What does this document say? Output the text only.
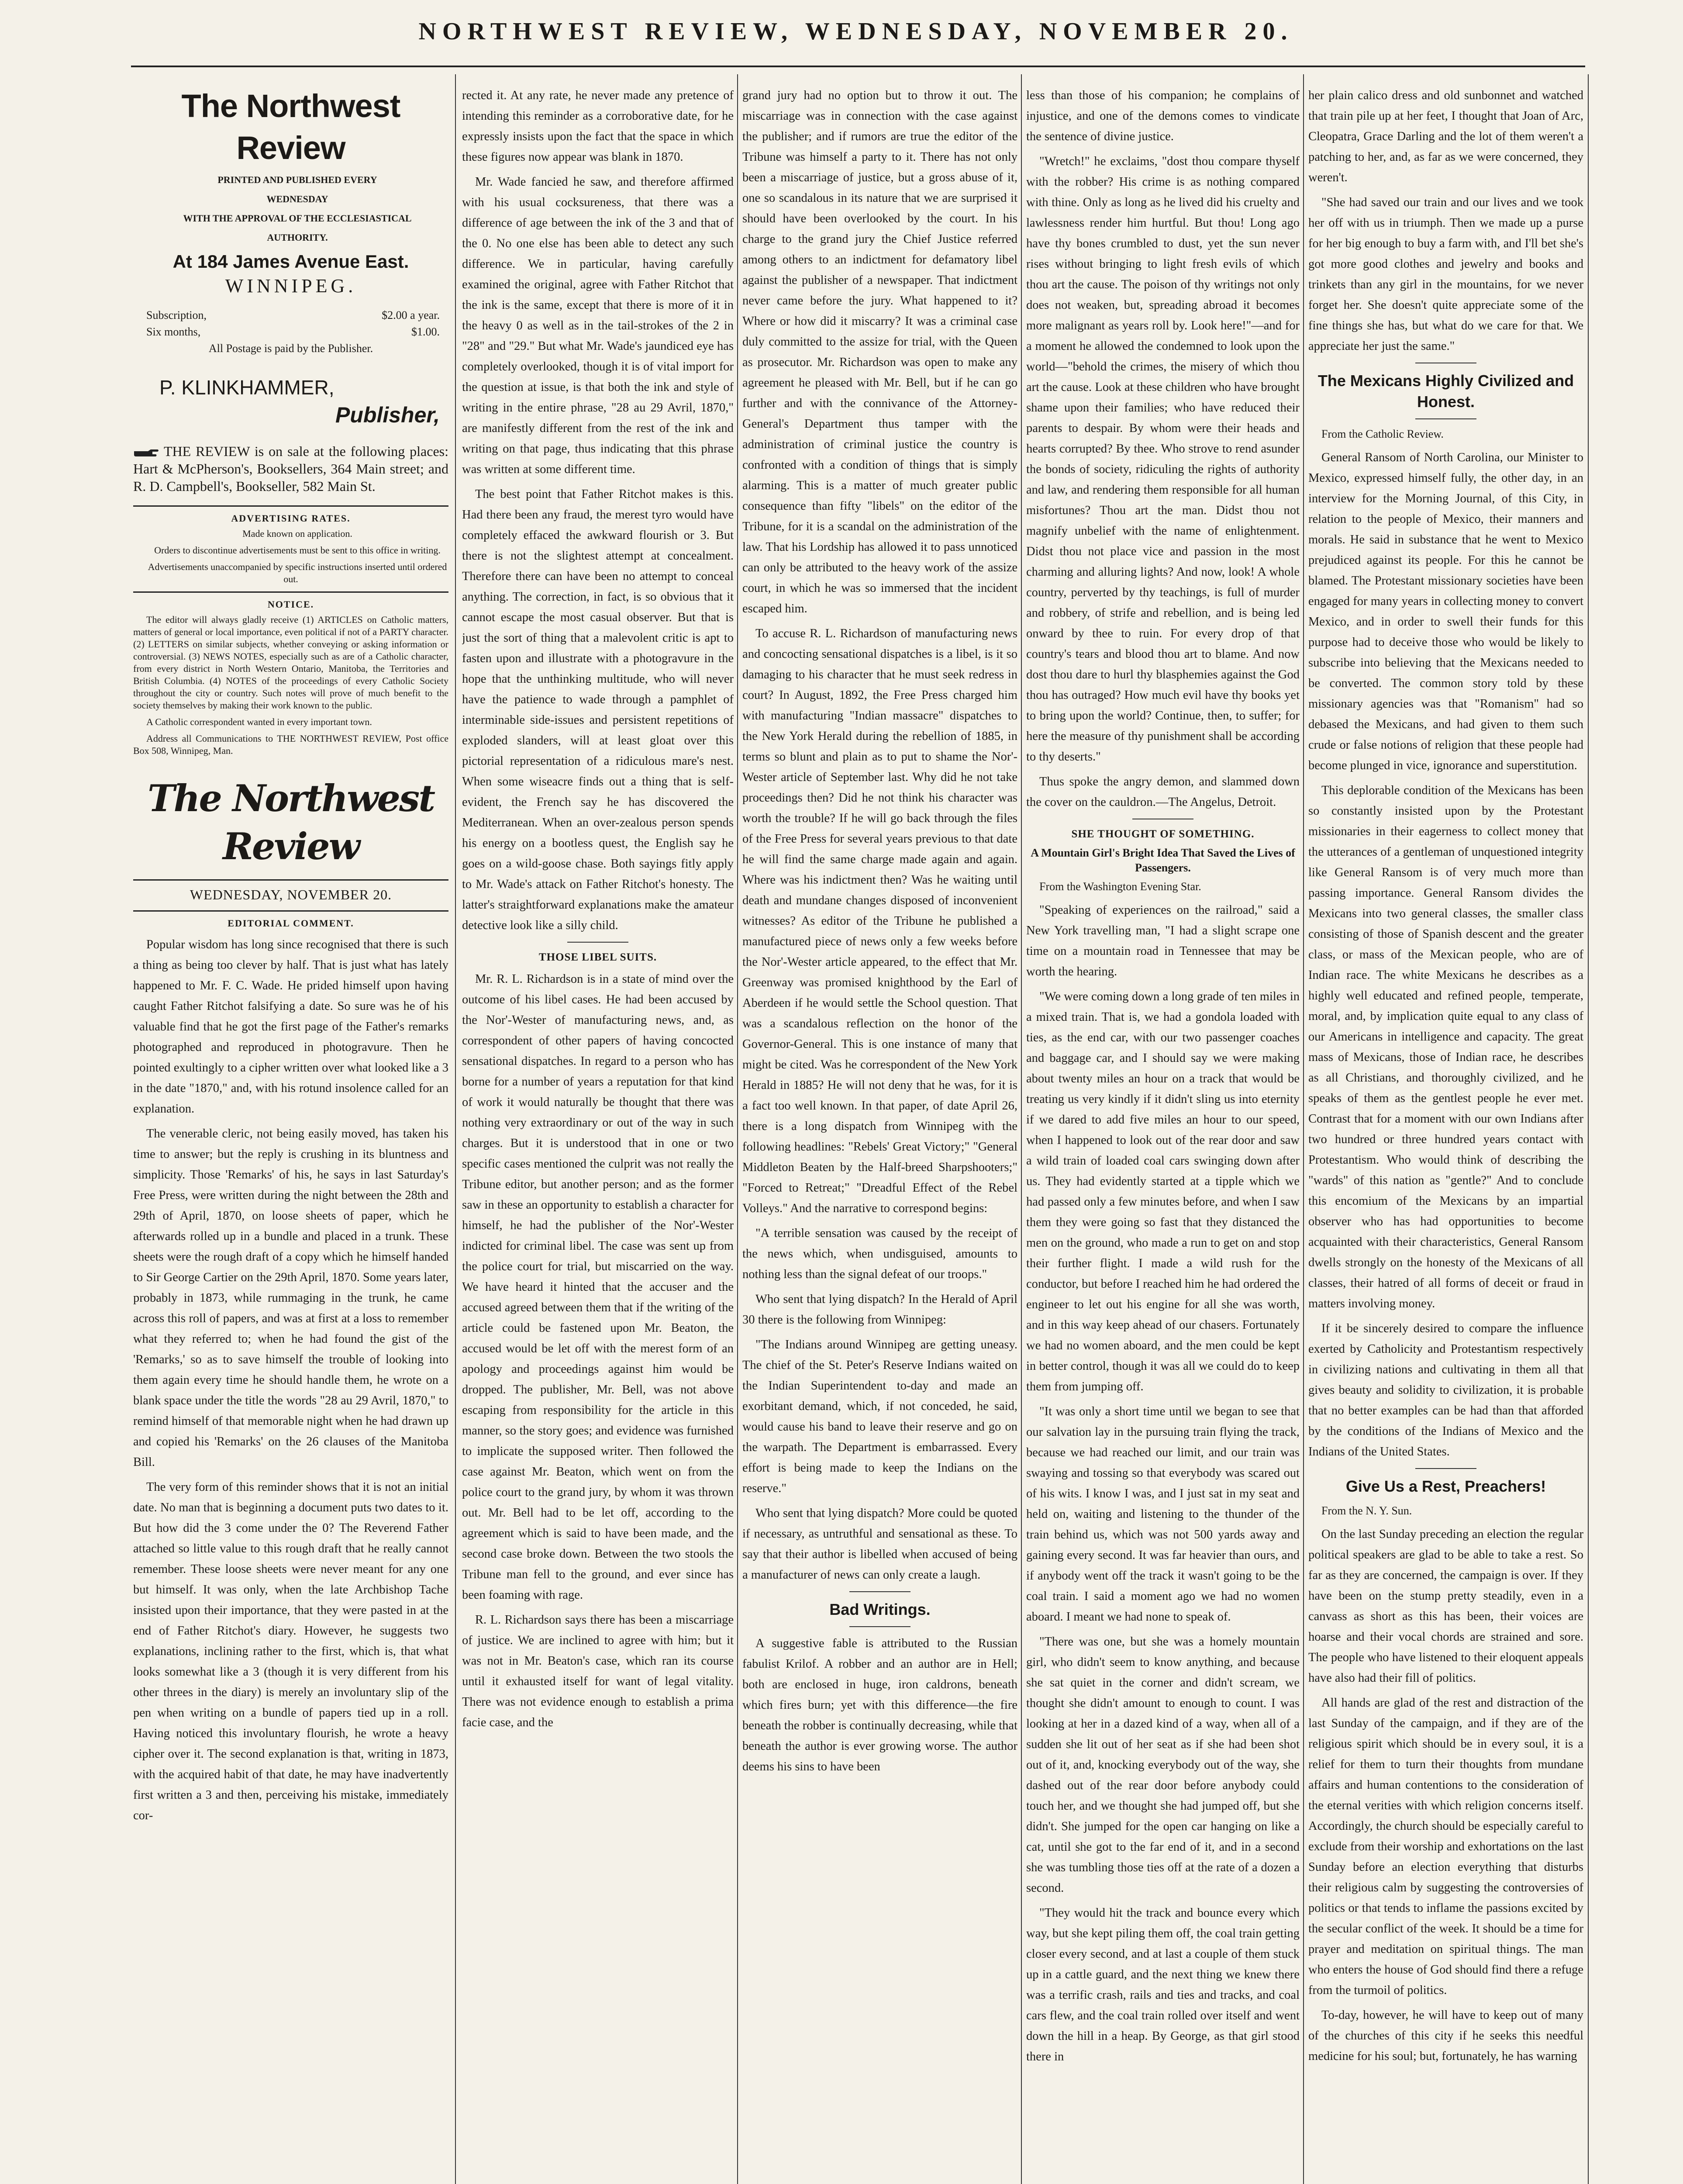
NORTHWEST REVIEW, WEDNESDAY, NOVEMBER 20.
The Northwest Review

PRINTED AND PUBLISHED EVERY

WEDNESDAY

WITH THE APPROVAL OF THE ECCLESIASTICAL

AUTHORITY.

At 184 James Avenue East.
WINNIPEG.
Subscription,	$2.00 a year.
Six months,	$1.00.
All Postage is paid by the Publisher.
P. KLINKHAMMER,
Publisher,
THE REVIEW is on sale at the following places: Hart & McPherson's, Booksellers, 364 Main street; and R. D. Campbell's, Bookseller, 582 Main St.
ADVERTISING RATES.

Made known on application.

Orders to discontinue advertisements must be sent to this office in writing.

Advertisements unaccompanied by specific instructions inserted until ordered out.

NOTICE.

The editor will always gladly receive (1) ARTICLES on Catholic matters, matters of general or local importance, even political if not of a PARTY character. (2) LETTERS on similar subjects, whether conveying or asking information or controversial. (3) NEWS NOTES, especially such as are of a Catholic character, from every district in North Western Ontario, Manitoba, the Territories and British Columbia. (4) NOTES of the proceedings of every Catholic Society throughout the city or country. Such notes will prove of much benefit to the society themselves by making their work known to the public.

A Catholic correspondent wanted in every important town.

Address all Communications to THE NORTHWEST REVIEW, Post office Box 508, Winnipeg, Man.

The Northwest Review
WEDNESDAY, NOVEMBER 20.
EDITORIAL COMMENT.

Popular wisdom has long since recognised that there is such a thing as being too clever by half. That is just what has lately happened to Mr. F. C. Wade. He prided himself upon having caught Father Ritchot falsifying a date. So sure was he of his valuable find that he got the first page of the Father's remarks photographed and reproduced in photogravure. Then he pointed exultingly to a cipher written over what looked like a 3 in the date "1870," and, with his rotund insolence called for an explanation.

The venerable cleric, not being easily moved, has taken his time to answer; but the reply is crushing in its bluntness and simplicity. Those 'Remarks' of his, he says in last Saturday's Free Press, were written during the night between the 28th and 29th of April, 1870, on loose sheets of paper, which he afterwards rolled up in a bundle and placed in a trunk. These sheets were the rough draft of a copy which he himself handed to Sir George Cartier on the 29th April, 1870. Some years later, probably in 1873, while rummaging in the trunk, he came across this roll of papers, and was at first at a loss to remember what they referred to; when he had found the gist of the 'Remarks,' so as to save himself the trouble of looking into them again every time he should handle them, he wrote on a blank space under the title the words "28 au 29 Avril, 1870," to remind himself of that memorable night when he had drawn up and copied his 'Remarks' on the 26 clauses of the Manitoba Bill.

The very form of this reminder shows that it is not an initial date. No man that is beginning a document puts two dates to it. But how did the 3 come under the 0? The Reverend Father attached so little value to this rough draft that he really cannot remember. These loose sheets were never meant for any one but himself. It was only, when the late Archbishop Tache insisted upon their importance, that they were pasted in at the end of Father Ritchot's diary. However, he suggests two explanations, inclining rather to the first, which is, that what looks somewhat like a 3 (though it is very different from his other threes in the diary) is merely an involuntary slip of the pen when writing on a bundle of papers tied up in a roll. Having noticed this involuntary flourish, he wrote a heavy cipher over it. The second explanation is that, writing in 1873, with the acquired habit of that date, he may have inadvertently first written a 3 and then, perceiving his mistake, immediately cor-

rected it. At any rate, he never made any pretence of intending this reminder as a corroborative date, for he expressly insists upon the fact that the space in which these figures now appear was blank in 1870.

Mr. Wade fancied he saw, and therefore affirmed with his usual cocksureness, that there was a difference of age between the ink of the 3 and that of the 0. No one else has been able to detect any such difference. We in particular, having carefully examined the original, agree with Father Ritchot that the ink is the same, except that there is more of it in the heavy 0 as well as in the tail-strokes of the 2 in "28" and "29." But what Mr. Wade's jaundiced eye has completely overlooked, though it is of vital import for the question at issue, is that both the ink and style of writing in the entire phrase, "28 au 29 Avril, 1870," are manifestly different from the rest of the ink and writing on that page, thus indicating that this phrase was written at some different time.

The best point that Father Ritchot makes is this. Had there been any fraud, the merest tyro would have completely effaced the awkward flourish or 3. But there is not the slightest attempt at concealment. Therefore there can have been no attempt to conceal anything. The correction, in fact, is so obvious that it cannot escape the most casual observer. But that is just the sort of thing that a malevolent critic is apt to fasten upon and illustrate with a photogravure in the hope that the unthinking multitude, who will never have the patience to wade through a pamphlet of interminable side-issues and persistent repetitions of exploded slanders, will at least gloat over this pictorial representation of a ridiculous mare's nest. When some wiseacre finds out a thing that is self-evident, the French say he has discovered the Mediterranean. When an over-zealous person spends his energy on a bootless quest, the English say he goes on a wild-goose chase. Both sayings fitly apply to Mr. Wade's attack on Father Ritchot's honesty. The latter's straightforward explanations make the amateur detective look like a silly child.

THOSE LIBEL SUITS.

Mr. R. L. Richardson is in a state of mind over the outcome of his libel cases. He had been accused by the Nor'-Wester of manufacturing news, and, as correspondent of other papers of having concocted sensational dispatches. In regard to a person who has borne for a number of years a reputation for that kind of work it would naturally be thought that there was nothing very extraordinary or out of the way in such charges. But it is understood that in one or two specific cases mentioned the culprit was not really the Tribune editor, but another person; and as the former saw in these an opportunity to establish a character for himself, he had the publisher of the Nor'-Wester indicted for criminal libel. The case was sent up from the police court for trial, but miscarried on the way. We have heard it hinted that the accuser and the accused agreed between them that if the writing of the article could be fastened upon Mr. Beaton, the accused would be let off with the merest form of an apology and proceedings against him would be dropped. The publisher, Mr. Bell, was not above escaping from responsibility for the article in this manner, so the story goes; and evidence was furnished to implicate the supposed writer. Then followed the case against Mr. Beaton, which went on from the police court to the grand jury, by whom it was thrown out. Mr. Bell had to be let off, according to the agreement which is said to have been made, and the second case broke down. Between the two stools the Tribune man fell to the ground, and ever since has been foaming with rage.

R. L. Richardson says there has been a miscarriage of justice. We are inclined to agree with him; but it was not in Mr. Beaton's case, which ran its course until it exhausted itself for want of legal vitality. There was not evidence enough to establish a prima facie case, and the

grand jury had no option but to throw it out. The miscarriage was in connection with the case against the publisher; and if rumors are true the editor of the Tribune was himself a party to it. There has not only been a miscarriage of justice, but a gross abuse of it, one so scandalous in its nature that we are surprised it should have been overlooked by the court. In his charge to the grand jury the Chief Justice referred among others to an indictment for defamatory libel against the publisher of a newspaper. That indictment never came before the jury. What happened to it? Where or how did it miscarry? It was a criminal case duly committed to the assize for trial, with the Queen as prosecutor. Mr. Richardson was open to make any agreement he pleased with Mr. Bell, but if he can go further and with the connivance of the Attorney-General's Department thus tamper with the administration of criminal justice the country is confronted with a condition of things that is simply alarming. This is a matter of much greater public consequence than fifty "libels" on the editor of the Tribune, for it is a scandal on the administration of the law. That his Lordship has allowed it to pass unnoticed can only be attributed to the heavy work of the assize court, in which he was so immersed that the incident escaped him.

To accuse R. L. Richardson of manufacturing news and concocting sensational dispatches is a libel, is it so damaging to his character that he must seek redress in court? In August, 1892, the Free Press charged him with manufacturing "Indian massacre" dispatches to the New York Herald during the rebellion of 1885, in terms so blunt and plain as to put to shame the Nor'-Wester article of September last. Why did he not take proceedings then? Did he not think his character was worth the trouble? If he will go back through the files of the Free Press for several years previous to that date he will find the same charge made again and again. Where was his indictment then? Was he waiting until death and mundane changes disposed of inconvenient witnesses? As editor of the Tribune he published a manufactured piece of news only a few weeks before the Nor'-Wester article appeared, to the effect that Mr. Greenway was promised knighthood by the Earl of Aberdeen if he would settle the School question. That was a scandalous reflection on the honor of the Governor-General. This is one instance of many that might be cited. Was he correspondent of the New York Herald in 1885? He will not deny that he was, for it is a fact too well known. In that paper, of date April 26, there is a long dispatch from Winnipeg with the following headlines: "Rebels' Great Victory;" "General Middleton Beaten by the Half-breed Sharpshooters;" "Forced to Retreat;" "Dreadful Effect of the Rebel Volleys." And the narrative to correspond begins:

"A terrible sensation was caused by the receipt of the news which, when undisguised, amounts to nothing less than the signal defeat of our troops."

Who sent that lying dispatch? In the Herald of April 30 there is the following from Winnipeg:

"The Indians around Winnipeg are getting uneasy. The chief of the St. Peter's Reserve Indians waited on the Indian Superintendent to-day and made an exorbitant demand, which, if not conceded, he said, would cause his band to leave their reserve and go on the warpath. The Department is embarrassed. Every effort is being made to keep the Indians on the reserve."

Who sent that lying dispatch? More could be quoted if necessary, as untruthful and sensational as these. To say that their author is libelled when accused of being a manufacturer of news can only create a laugh.

Bad Writings.

A suggestive fable is attributed to the Russian fabulist Krilof. A robber and an author are in Hell; both are enclosed in huge, iron caldrons, beneath which fires burn; yet with this difference—the fire beneath the robber is continually decreasing, while that beneath the author is ever growing worse. The author deems his sins to have been

less than those of his companion; he complains of injustice, and one of the demons comes to vindicate the sentence of divine justice.

"Wretch!" he exclaims, "dost thou compare thyself with the robber? His crime is as nothing compared with thine. Only as long as he lived did his cruelty and lawlessness render him hurtful. But thou! Long ago have thy bones crumbled to dust, yet the sun never rises without bringing to light fresh evils of which thou art the cause. The poison of thy writings not only does not weaken, but, spreading abroad it becomes more malignant as years roll by. Look here!"—and for a moment he allowed the condemned to look upon the world—"behold the crimes, the misery of which thou art the cause. Look at these children who have brought shame upon their families; who have reduced their parents to despair. By whom were their heads and hearts corrupted? By thee. Who strove to rend asunder the bonds of society, ridiculing the rights of authority and law, and rendering them responsible for all human misfortunes? Thou art the man. Didst thou not magnify unbelief with the name of enlightenment. Didst thou not place vice and passion in the most charming and alluring lights? And now, look! A whole country, perverted by thy teachings, is full of murder and robbery, of strife and rebellion, and is being led onward by thee to ruin. For every drop of that country's tears and blood thou art to blame. And now dost thou dare to hurl thy blasphemies against the God thou has outraged? How much evil have thy books yet to bring upon the world? Continue, then, to suffer; for here the measure of thy punishment shall be according to thy deserts."

Thus spoke the angry demon, and slammed down the cover on the cauldron.—The Angelus, Detroit.

SHE THOUGHT OF SOMETHING.
A Mountain Girl's Bright Idea That Saved the Lives of Passengers.

From the Washington Evening Star.

"Speaking of experiences on the railroad," said a New York travelling man, "I had a slight scrape one time on a mountain road in Tennessee that may be worth the hearing.

"We were coming down a long grade of ten miles in a mixed train. That is, we had a gondola loaded with ties, as the end car, with our two passenger coaches and baggage car, and I should say we were making about twenty miles an hour on a track that would be treating us very kindly if it didn't sling us into eternity if we dared to add five miles an hour to our speed, when I happened to look out of the rear door and saw a wild train of loaded coal cars swinging down after us. They had evidently started at a tipple which we had passed only a few minutes before, and when I saw them they were going so fast that they distanced the men on the ground, who made a run to get on and stop their further flight. I made a wild rush for the conductor, but before I reached him he had ordered the engineer to let out his engine for all she was worth, and in this way keep ahead of our chasers. Fortunately we had no women aboard, and the men could be kept in better control, though it was all we could do to keep them from jumping off.

"It was only a short time until we began to see that our salvation lay in the pursuing train flying the track, because we had reached our limit, and our train was swaying and tossing so that everybody was scared out of his wits. I know I was, and I just sat in my seat and held on, waiting and listening to the thunder of the train behind us, which was not 500 yards away and gaining every second. It was far heavier than ours, and if anybody went off the track it wasn't going to be the coal train. I said a moment ago we had no women aboard. I meant we had none to speak of.

"There was one, but she was a homely mountain girl, who didn't seem to know anything, and because she sat quiet in the corner and didn't scream, we thought she didn't amount to enough to count. I was looking at her in a dazed kind of a way, when all of a sudden she lit out of her seat as if she had been shot out of it, and, knocking everybody out of the way, she dashed out of the rear door before anybody could touch her, and we thought she had jumped off, but she didn't. She jumped for the open car hanging on like a cat, until she got to the far end of it, and in a second she was tumbling those ties off at the rate of a dozen a second.

"They would hit the track and bounce every which way, but she kept piling them off, the coal train getting closer every second, and at last a couple of them stuck up in a cattle guard, and the next thing we knew there was a terrific crash, rails and ties and tracks, and coal cars flew, and the coal train rolled over itself and went down the hill in a heap. By George, as that girl stood there in

her plain calico dress and old sunbonnet and watched that train pile up at her feet, I thought that Joan of Arc, Cleopatra, Grace Darling and the lot of them weren't a patching to her, and, as far as we were concerned, they weren't.

"She had saved our train and our lives and we took her off with us in triumph. Then we made up a purse for her big enough to buy a farm with, and I'll bet she's got more good clothes and jewelry and books and trinkets than any girl in the mountains, for we never forget her. She doesn't quite appreciate some of the fine things she has, but what do we care for that. We appreciate her just the same."

The Mexicans Highly Civilized and Honest.

From the Catholic Review.

General Ransom of North Carolina, our Minister to Mexico, expressed himself fully, the other day, in an interview for the Morning Journal, of this City, in relation to the people of Mexico, their manners and morals. He said in substance that he went to Mexico prejudiced against its people. For this he cannot be blamed. The Protestant missionary societies have been engaged for many years in collecting money to convert Mexico, and in order to swell their funds for this purpose had to deceive those who would be likely to subscribe into believing that the Mexicans needed to be converted. The common story told by these missionary agencies was that "Romanism" had so debased the Mexicans, and had given to them such crude or false notions of religion that these people had become plunged in vice, ignorance and superstitution.

This deplorable condition of the Mexicans has been so constantly insisted upon by the Protestant missionaries in their eagerness to collect money that the utterances of a gentleman of unquestioned integrity like General Ransom is of very much more than passing importance. General Ransom divides the Mexicans into two general classes, the smaller class consisting of those of Spanish descent and the greater class, or mass of the Mexican people, who are of Indian race. The white Mexicans he describes as a highly well educated and refined people, temperate, moral, and, by implication quite equal to any class of our Americans in intelligence and capacity. The great mass of Mexicans, those of Indian race, he describes as all Christians, and thoroughly civilized, and he speaks of them as the gentlest people he ever met. Contrast that for a moment with our own Indians after two hundred or three hundred years contact with Protestantism. Who would think of describing the "wards" of this nation as "gentle?" And to conclude this encomium of the Mexicans by an impartial observer who has had opportunities to become acquainted with their characteristics, General Ransom dwells strongly on the honesty of the Mexicans of all classes, their hatred of all forms of deceit or fraud in matters involving money.

If it be sincerely desired to compare the influence exerted by Catholicity and Protestantism respectively in civilizing nations and cultivating in them all that gives beauty and solidity to civilization, it is probable that no better examples can be had than that afforded by the conditions of the Indians of Mexico and the Indians of the United States.

Give Us a Rest, Preachers!

From the N. Y. Sun.

On the last Sunday preceding an election the regular political speakers are glad to be able to take a rest. So far as they are concerned, the campaign is over. If they have been on the stump pretty steadily, even in a canvass as short as this has been, their voices are hoarse and their vocal chords are strained and sore. The people who have listened to their eloquent appeals have also had their fill of politics.

All hands are glad of the rest and distraction of the last Sunday of the campaign, and if they are of the religious spirit which should be in every soul, it is a relief for them to turn their thoughts from mundane affairs and human contentions to the consideration of the eternal verities with which religion concerns itself. Accordingly, the church should be especially careful to exclude from their worship and exhortations on the last Sunday before an election everything that disturbs their religious calm by suggesting the controversies of politics or that tends to inflame the passions excited by the secular conflict of the week. It should be a time for prayer and meditation on spiritual things. The man who enters the house of God should find there a refuge from the turmoil of politics.

To-day, however, he will have to keep out of many of the churches of this city if he seeks this needful medicine for his soul; but, fortunately, he has warning
